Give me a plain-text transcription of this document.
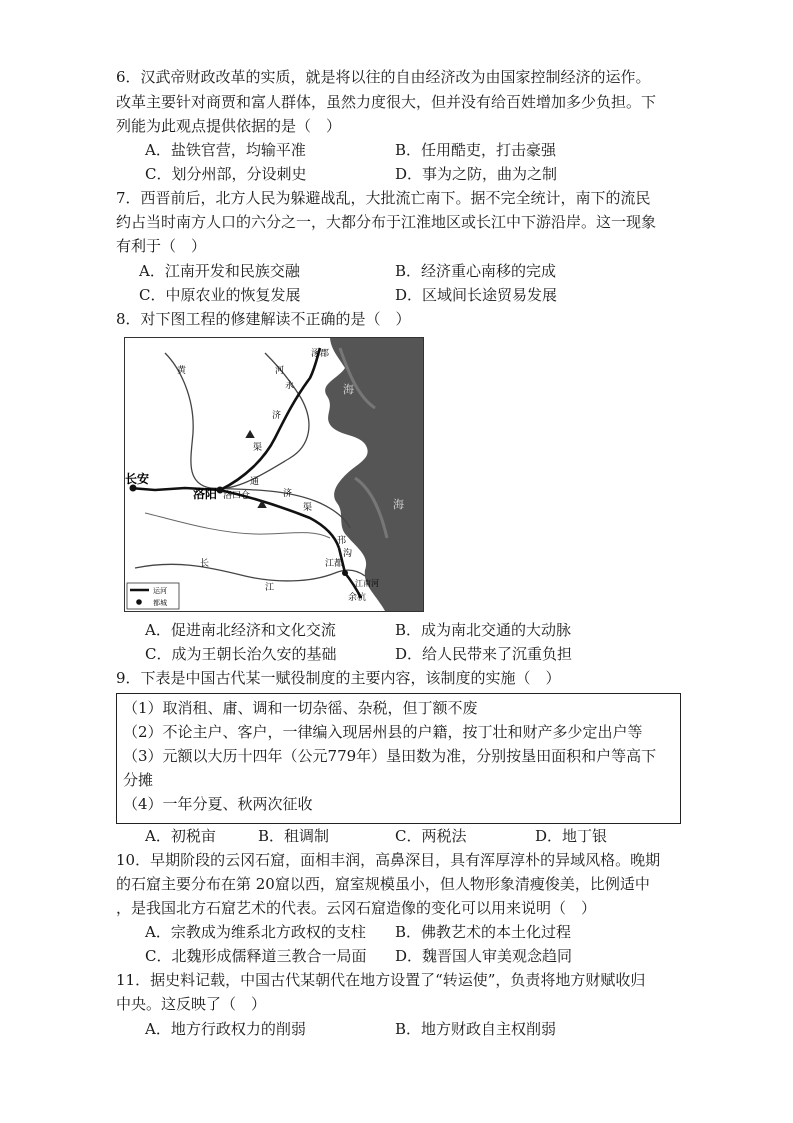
6．汉武帝财政改革的实质，就是将以往的自由经济改为由国家控制经济的运作。
改革主要针对商贾和富人群体，虽然力度很大，但并没有给百姓增加多少负担。下
列能为此观点提供依据的是（　）
A．盐铁官营，均输平准	B．任用酷吏，打击豪强
C．划分州部，分设刺史	D．事为之防，曲为之制
7．西晋前后，北方人民为躲避战乱，大批流亡南下。据不完全统计，南下的流民
约占当时南方人口的六分之一，大都分布于江淮地区或长江中下游沿岸。这一现象
有利于（　）
A．江南开发和民族交融	B．经济重心南移的完成
C．中原农业的恢复发展	D．区域间长途贸易发展
8．对下图工程的修建解读不正确的是（　）
⛰
⛰
长安
洛阳 洛口仓
江都
涿郡
余杭
海
海
黄	河
永
济
渠
通
济
渠
邗
沟
江南河
长
江
运河
都城
A．促进南北经济和文化交流	B．成为南北交通的大动脉
C．成为王朝长治久安的基础	D．给人民带来了沉重负担
9．下表是中国古代某一赋役制度的主要内容，该制度的实施（　）
（1）取消租、庸、调和一切杂徭、杂税，但丁额不废
（2）不论主户、客户，一律编入现居州县的户籍，按丁壮和财产多少定出户等
（3）元额以大历十四年（公元779年）垦田数为准，分别按垦田面积和户等高下
分摊
（4）一年分夏、秋两次征收
A．初税亩	B．租调制	C．两税法	D．地丁银
10．早期阶段的云冈石窟，面相丰润，高鼻深目，具有浑厚淳朴的异域风格。晚期
的石窟主要分布在第 20窟以西，窟室规模虽小，但人物形象清瘦俊美，比例适中
，是我国北方石窟艺术的代表。云冈石窟造像的变化可以用来说明（　）
A．宗教成为维系北方政权的支柱 B．佛教艺术的本土化过程
C．北魏形成儒释道三教合一局面 D．魏晋国人审美观念趋同
11．据史料记载，中国古代某朝代在地方设置了“转运使”，负责将地方财赋收归
中央。这反映了（　）
A．地方行政权力的削弱	B．地方财政自主权削弱
